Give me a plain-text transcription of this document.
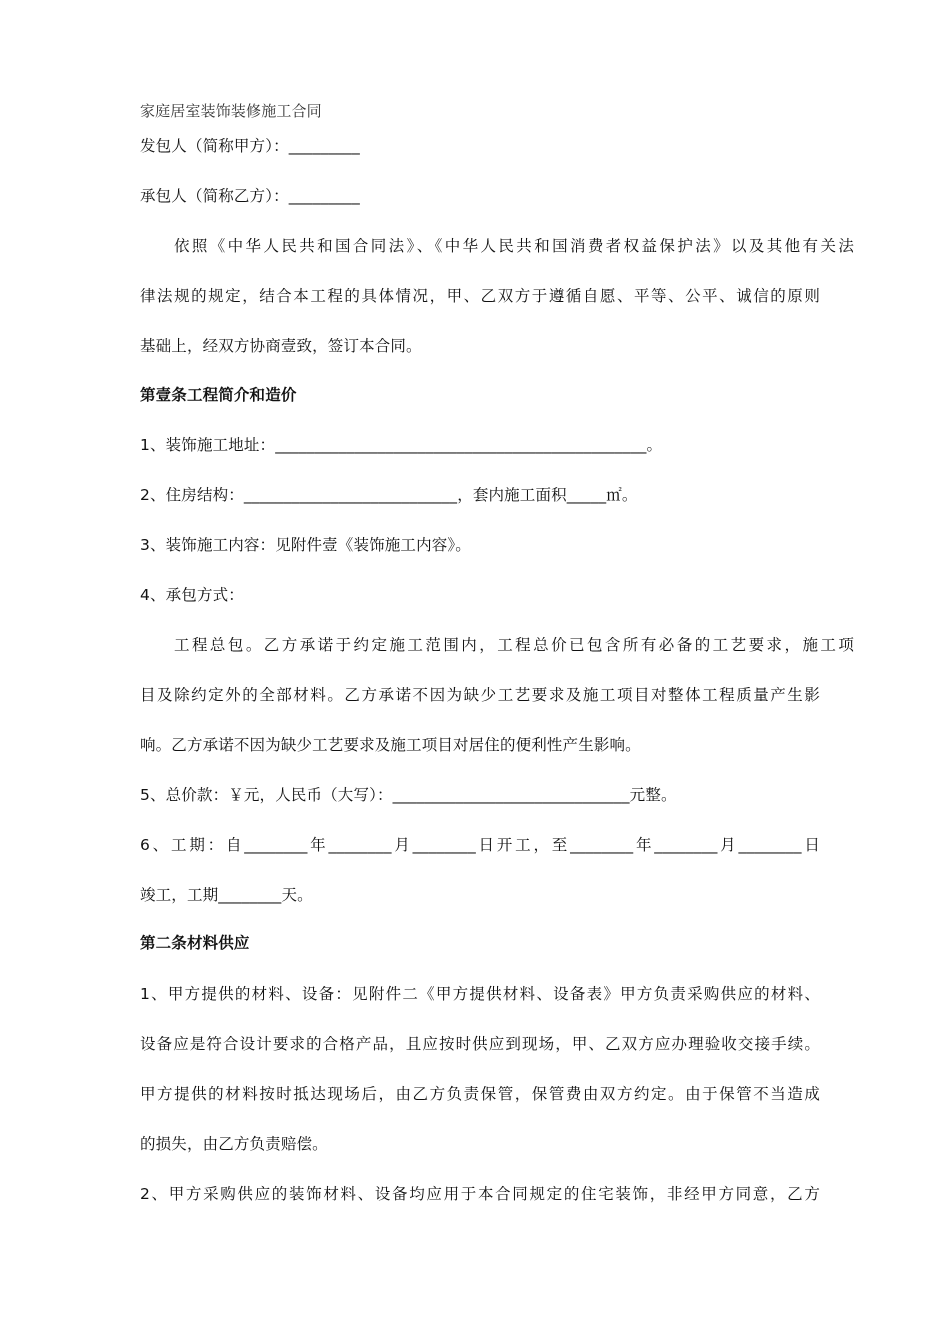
家庭居室装饰装修施工合同
发包人（简称甲方）：_________
承包人（简称乙方）：_________
依照《中华人民共和国合同法》、《中华人民共和国消费者权益保护法》以及其他有关法
律法规的规定，结合本工程的具体情况，甲、乙双方于遵循自愿、平等、公平、诚信的原则
基础上，经双方协商壹致，签订本合同。
第壹条工程简介和造价
1、装饰施工地址：_______________________________________________。
2、住房结构：___________________________，套内施工面积_____㎡。
3、装饰施工内容：见附件壹《装饰施工内容》。
4、承包方式：
工程总包。乙方承诺于约定施工范围内，工程总价已包含所有必备的工艺要求，施工项
目及除约定外的全部材料。乙方承诺不因为缺少工艺要求及施工项目对整体工程质量产生影
响。乙方承诺不因为缺少工艺要求及施工项目对居住的便利性产生影响。
5、总价款：￥元，人民币（大写）：______________________________元整。
6、工期：自________年________月________日开工，至________年________月________日
竣工，工期________天。
第二条材料供应
1、甲方提供的材料、设备：见附件二《甲方提供材料、设备表》甲方负责采购供应的材料、
设备应是符合设计要求的合格产品，且应按时供应到现场，甲、乙双方应办理验收交接手续。
甲方提供的材料按时抵达现场后，由乙方负责保管，保管费由双方约定。由于保管不当造成
的损失，由乙方负责赔偿。
2、甲方采购供应的装饰材料、设备均应用于本合同规定的住宅装饰，非经甲方同意，乙方
